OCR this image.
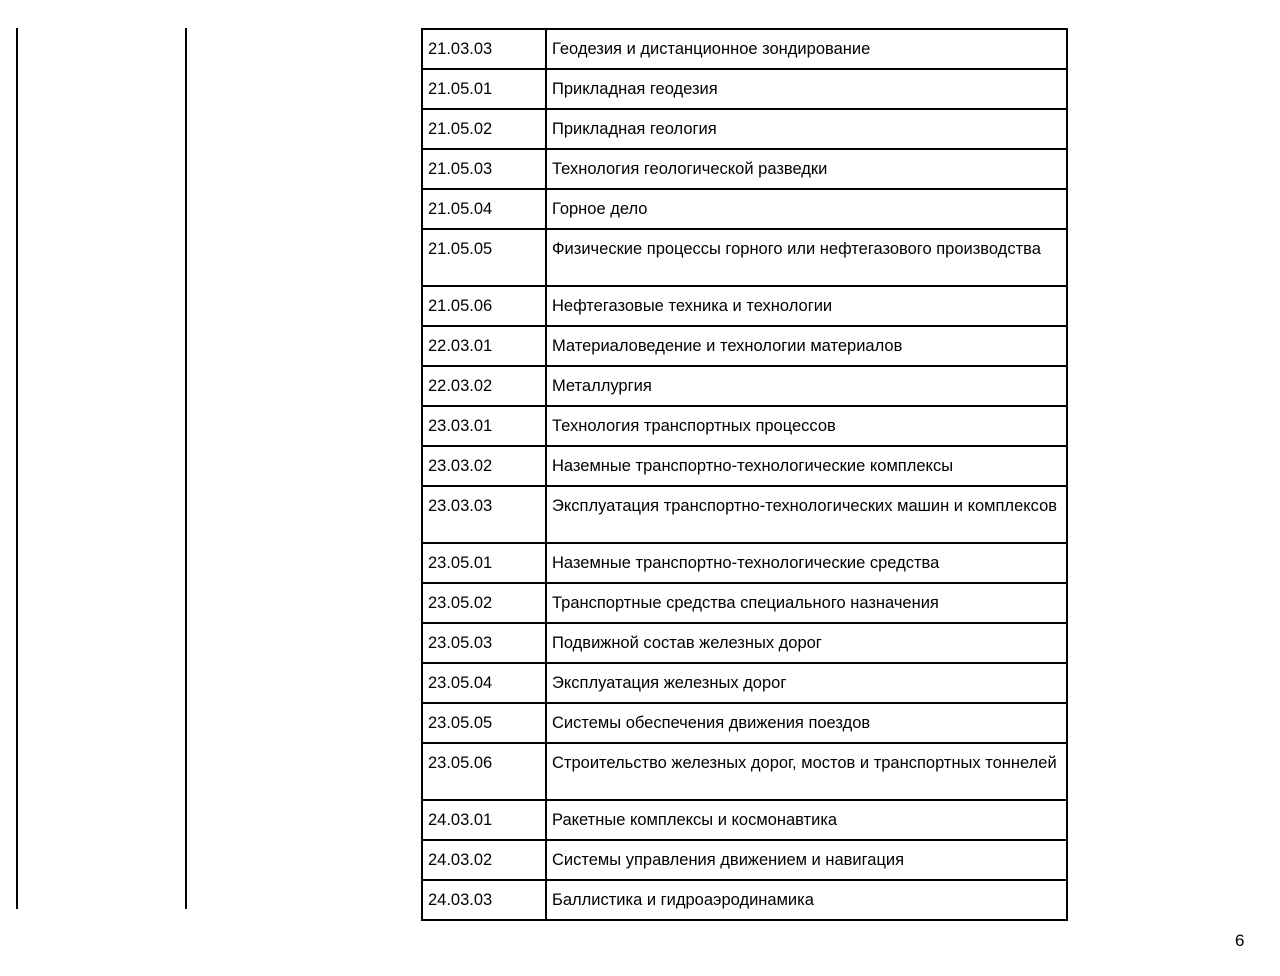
21.03.03	Геодезия и дистанционное зондирование
21.05.01	Прикладная геодезия
21.05.02	Прикладная геология
21.05.03	Технология геологической разведки
21.05.04	Горное дело
21.05.05	Физические процессы горного или нефтегазового производства
21.05.06	Нефтегазовые техника и технологии
22.03.01	Материаловедение и технологии материалов
22.03.02	Металлургия
23.03.01	Технология транспортных процессов
23.03.02	Наземные транспортно-технологические комплексы
23.03.03	Эксплуатация транспортно-технологических машин и комплексов
23.05.01	Наземные транспортно-технологические средства
23.05.02	Транспортные средства специального назначения
23.05.03	Подвижной состав железных дорог
23.05.04	Эксплуатация железных дорог
23.05.05	Системы обеспечения движения поездов
23.05.06	Строительство железных дорог, мостов и транспортных тоннелей
24.03.01	Ракетные комплексы и космонавтика
24.03.02	Системы управления движением и навигация
24.03.03	Баллистика и гидроаэродинамика
6
